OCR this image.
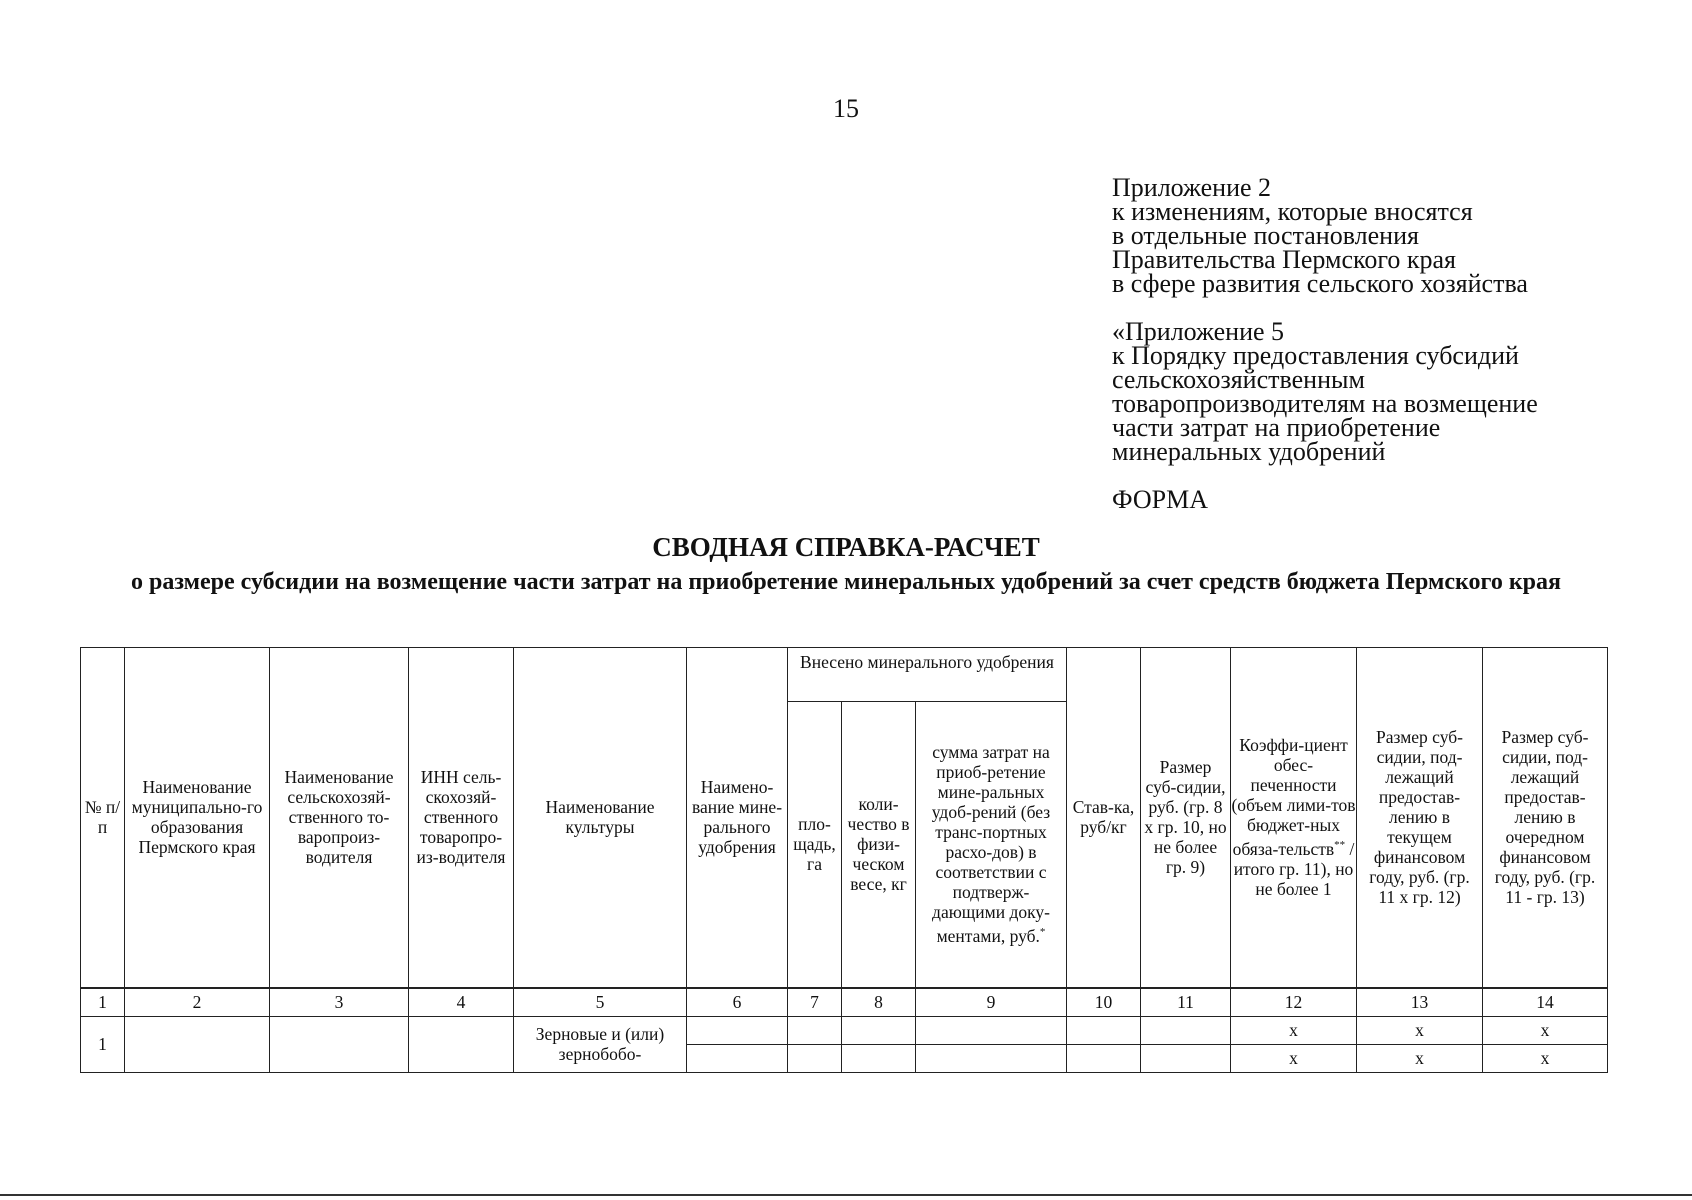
15
Приложение 2
к изменениям, которые вносятся
в отдельные постановления
Правительства Пермского края
в сфере развития сельского хозяйства
«Приложение 5
к Порядку предоставления субсидий
сельскохозяйственным
товаропроизводителям на возмещение
части затрат на приобретение
минеральных удобрений
ФОРМА
СВОДНАЯ СПРАВКА-РАСЧЕТ
о размере субсидии на возмещение части затрат на приобретение минеральных удобрений за счет средств бюджета Пермского края
№ п/п	Наименование муниципально-го образования Пермского края	Наименование сельскохозяй-ственного то-варопроиз-водителя	ИНН сель-скохозяй-ственного товаропро-из-водителя	Наименование культуры	Наимено-вание мине-рального удобрения	Внесено минерального удобрения			Став-ка, руб/кг	Размер суб-сидии, руб. (гр. 8 х гр. 10, но не более гр. 9)	Коэффи-циент обес-печенности (объем лими-тов бюджет-ных обяза-тельств** / итого гр. 11), но не более 1	Размер суб-сидии, под-лежащий предостав-лению в текущем финансовом году, руб. (гр. 11 х гр. 12)	Размер суб-сидии, под-лежащий предостав-лению в очередном финансовом году, руб. (гр. 11 - гр. 13)
						пло-щадь, га	коли-чество в физи-ческом весе, кг	сумма затрат на приоб-ретение мине-ральных удоб-рений (без транс-портных расхо-дов) в соответствии с подтверж-дающими доку-ментами, руб.*
1	2	3	4	5	6	7	8	9	10	11	12	13	14
1				Зерновые и (или) зернобобо-							x	x	x
											x	x	x
